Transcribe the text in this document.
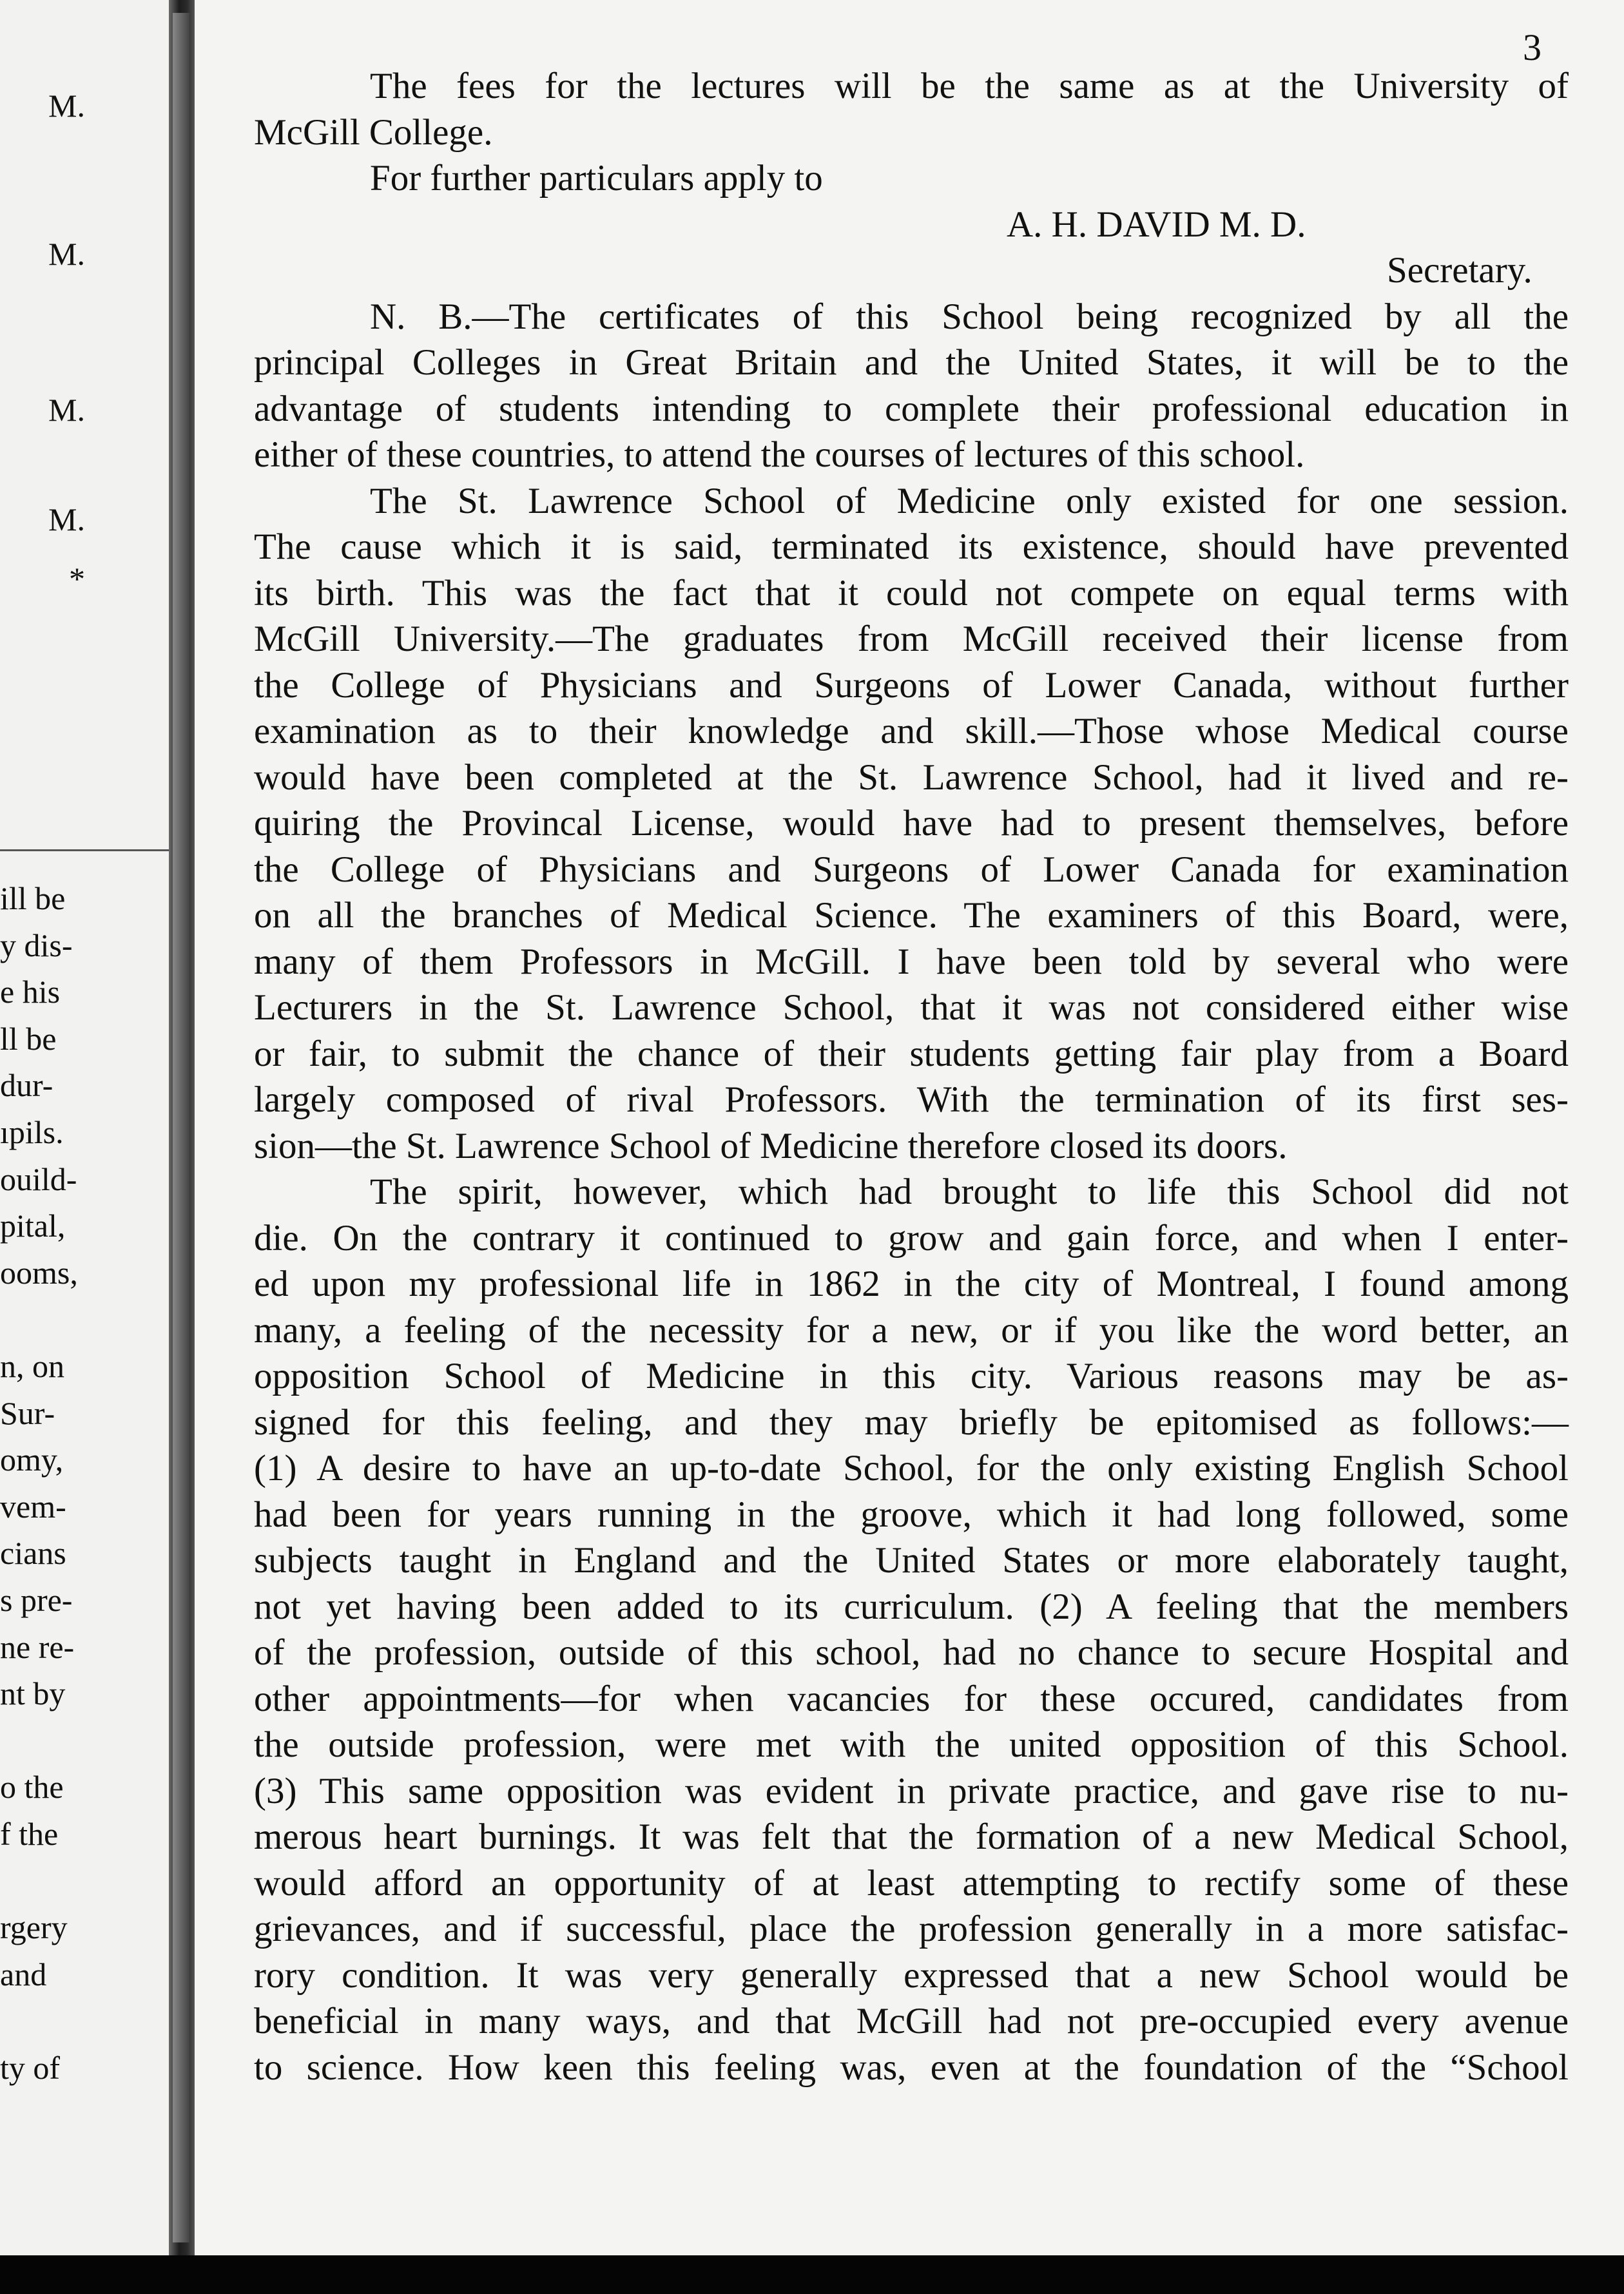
M.
M.
M.
M.
*
ill be
y dis-
e his
ll be
dur-
ıpils.
ouild-
pital,
ooms,
n, on
Sur-
omy,
vem-
cians
s pre-
ne re-
nt by
o the
f the
rgery
and
ty of
3
The fees for the lectures will be the same as at the University of
McGill College.
For further particulars apply to
A. H. DAVID M. D.
Secretary.
N. B.—The certificates of this School being recognized by all the
principal Colleges in Great Britain and the United States, it will be to the
advantage of students intending to complete their professional education in
either of these countries, to attend the courses of lectures of this school.
The St. Lawrence School of Medicine only existed for one session.
The cause which it is said, terminated its existence, should have prevented
its birth. This was the fact that it could not compete on equal terms with
McGill University.—The graduates from McGill received their license from
the College of Physicians and Surgeons of Lower Canada, without further
examination as to their knowledge and skill.—Those whose Medical course
would have been completed at the St. Lawrence School, had it lived and re-
quiring the Provincal License, would have had to present themselves, before
the College of Physicians and Surgeons of Lower Canada for examination
on all the branches of Medical Science. The examiners of this Board, were,
many of them Professors in McGill. I have been told by several who were
Lecturers in the St. Lawrence School, that it was not considered either wise
or fair, to submit the chance of their students getting fair play from a Board
largely composed of rival Professors. With the termination of its first ses-
sion—the St. Lawrence School of Medicine therefore closed its doors.
The spirit, however, which had brought to life this School did not
die. On the contrary it continued to grow and gain force, and when I enter-
ed upon my professional life in 1862 in the city of Montreal, I found among
many, a feeling of the necessity for a new, or if you like the word better, an
opposition School of Medicine in this city. Various reasons may be as-
signed for this feeling, and they may briefly be epitomised as follows:—
(1) A desire to have an up-to-date School, for the only existing English School
had been for years running in the groove, which it had long followed, some
subjects taught in England and the United States or more elaborately taught,
not yet having been added to its curriculum. (2) A feeling that the members
of the profession, outside of this school, had no chance to secure Hospital and
other appointments—for when vacancies for these occured, candidates from
the outside profession, were met with the united opposition of this School.
(3) This same opposition was evident in private practice, and gave rise to nu-
merous heart burnings. It was felt that the formation of a new Medical School,
would afford an opportunity of at least attempting to rectify some of these
grievances, and if successful, place the profession generally in a more satisfac-
rory condition. It was very generally expressed that a new School would be
beneficial in many ways, and that McGill had not pre-occupied every avenue
to science. How keen this feeling was, even at the foundation of the “School
